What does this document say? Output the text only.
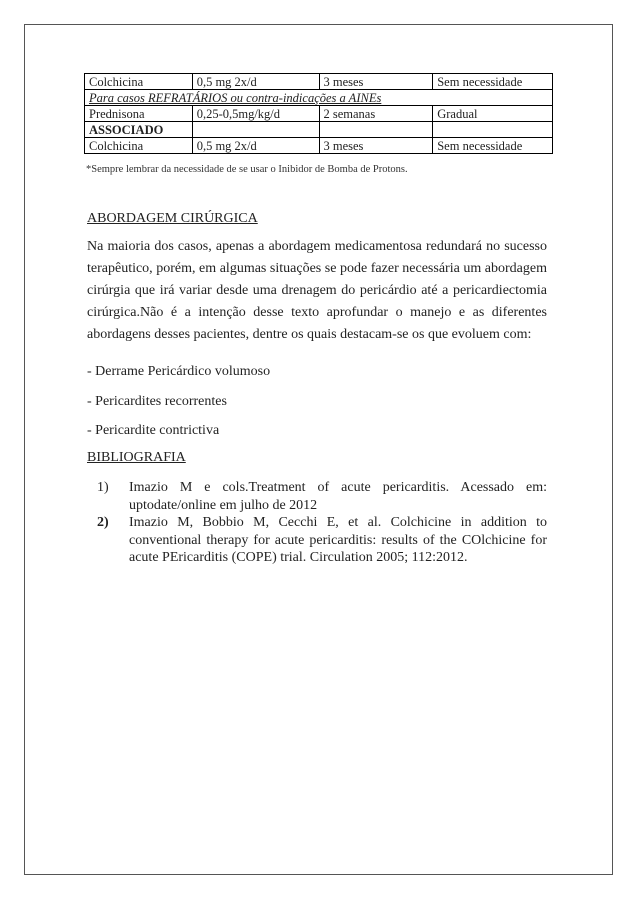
Colchicina	0,5 mg 2x/d	3 meses	Sem necessidade
Para casos REFRATÁRIOS ou contra-indicações a AINEs			
Prednisona	0,25-0,5mg/kg/d	2 semanas	Gradual
ASSOCIADO			
Colchicina	0,5 mg 2x/d	3 meses	Sem necessidade
*Sempre lembrar da necessidade de se usar o Inibidor de Bomba de Protons.
ABORDAGEM CIRÚRGICA
Na maioria dos casos, apenas a abordagem medicamentosa redundará no sucesso terapêutico, porém, em algumas situações se pode fazer necessária um abordagem cirúrgia que irá variar desde uma drenagem do pericárdio até a pericardiectomia cirúrgica.Não é a intenção desse texto aprofundar o manejo e as diferentes abordagens desses pacientes, dentre os quais destacam-se os que evoluem com:
- Derrame Pericárdico volumoso
- Pericardites recorrentes
- Pericardite contrictiva
BIBLIOGRAFIA
1) Imazio M e cols.Treatment of acute pericarditis. Acessado em: uptodate/online em julho de 2012
2) Imazio M, Bobbio M, Cecchi E, et al. Colchicine in addition to conventional therapy for acute pericarditis: results of the COlchicine for acute PEricarditis (COPE) trial. Circulation 2005; 112:2012.
